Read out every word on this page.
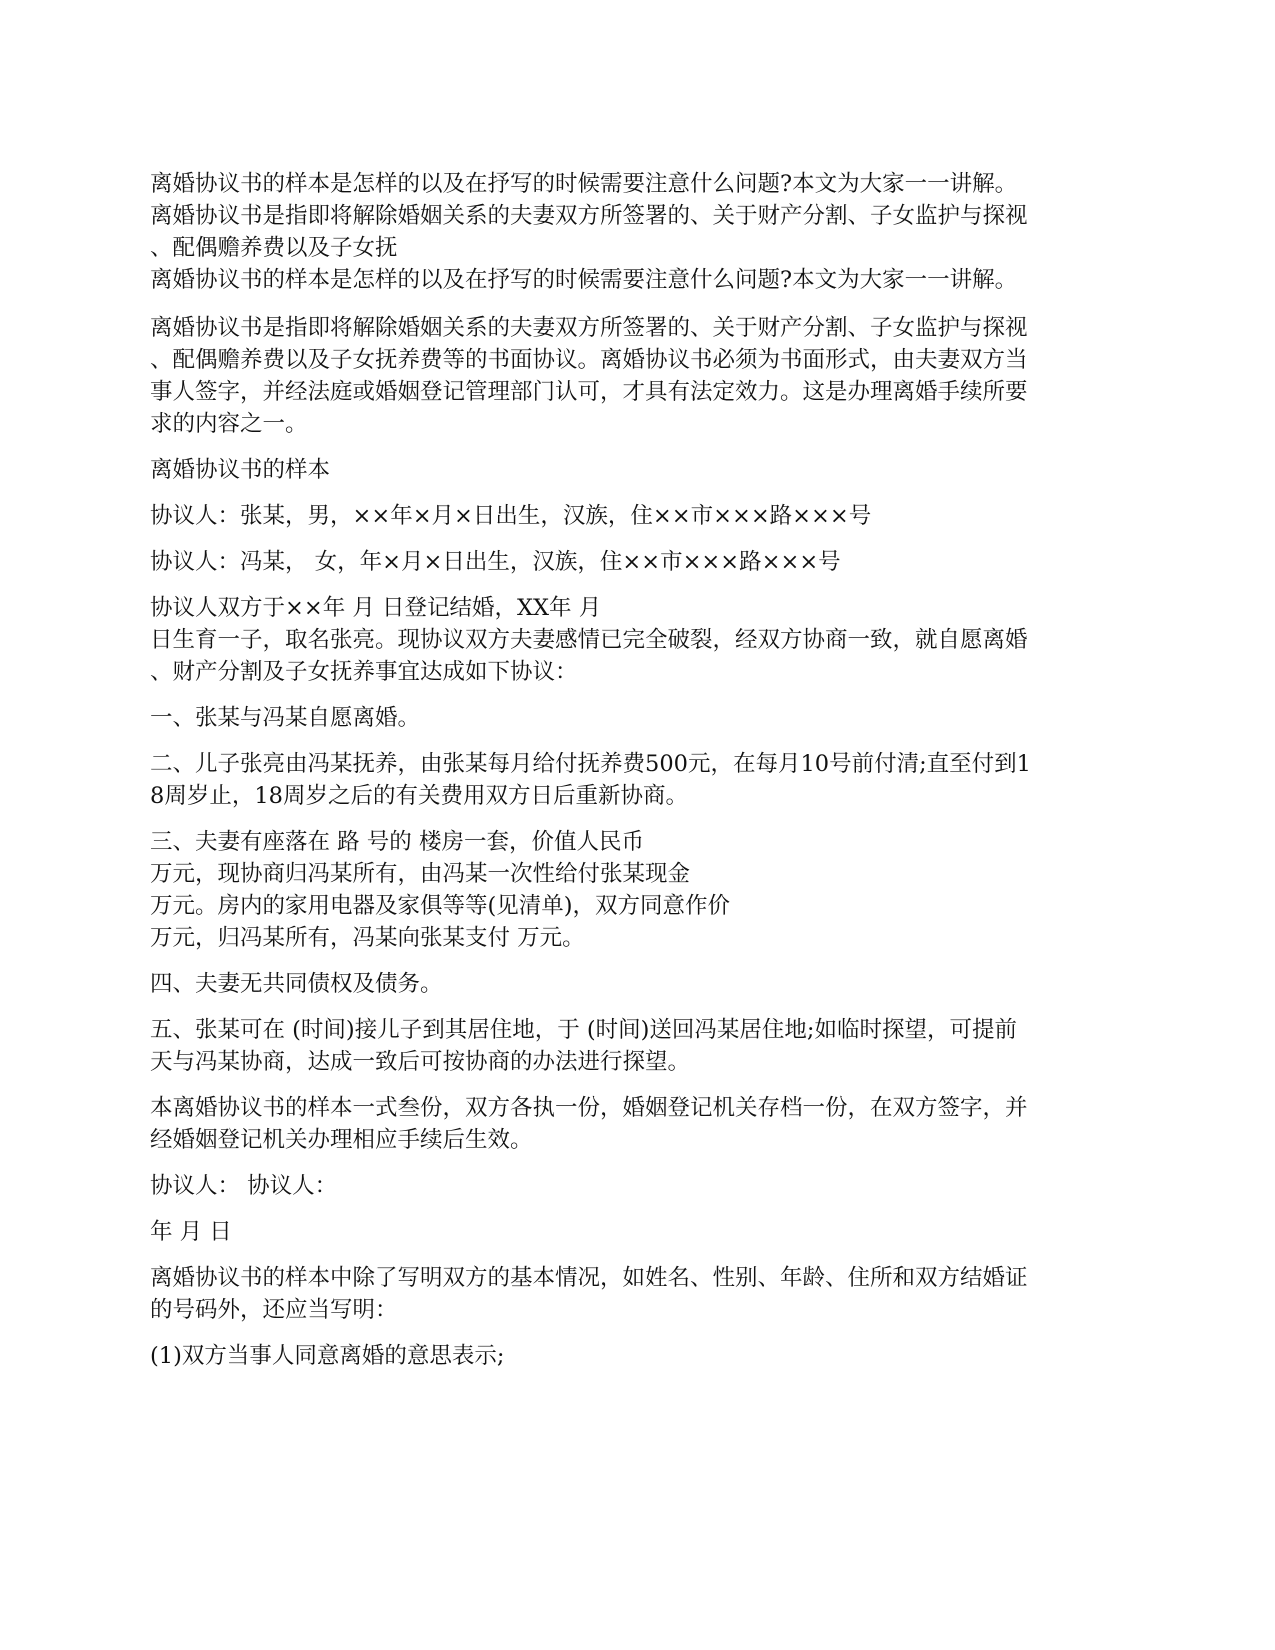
离婚协议书的样本是怎样的以及在抒写的时候需要注意什么问题?本文为大家一一讲解。
离婚协议书是指即将解除婚姻关系的夫妻双方所签署的、关于财产分割、子女监护与探视
、配偶赡养费以及子女抚
离婚协议书的样本是怎样的以及在抒写的时候需要注意什么问题?本文为大家一一讲解。
离婚协议书是指即将解除婚姻关系的夫妻双方所签署的、关于财产分割、子女监护与探视
、配偶赡养费以及子女抚养费等的书面协议。离婚协议书必须为书面形式，由夫妻双方当
事人签字，并经法庭或婚姻登记管理部门认可，才具有法定效力。这是办理离婚手续所要
求的内容之一。
离婚协议书的样本
协议人：张某，男，××年×月×日出生，汉族，住××市×××路×××号
协议人：冯某， 女，年×月×日出生，汉族，住××市×××路×××号
协议人双方于××年 月 日登记结婚，XX年 月
日生育一子，取名张亮。现协议双方夫妻感情已完全破裂，经双方协商一致，就自愿离婚
、财产分割及子女抚养事宜达成如下协议：
一、张某与冯某自愿离婚。
二、儿子张亮由冯某抚养，由张某每月给付抚养费500元，在每月10号前付清;直至付到1
8周岁止，18周岁之后的有关费用双方日后重新协商。
三、夫妻有座落在 路 号的 楼房一套，价值人民币
万元，现协商归冯某所有，由冯某一次性给付张某现金
万元。房内的家用电器及家俱等等(见清单)，双方同意作价
万元，归冯某所有，冯某向张某支付 万元。
四、夫妻无共同债权及债务。
五、张某可在 (时间)接儿子到其居住地，于 (时间)送回冯某居住地;如临时探望，可提前
天与冯某协商，达成一致后可按协商的办法进行探望。
本离婚协议书的样本一式叁份，双方各执一份，婚姻登记机关存档一份，在双方签字，并
经婚姻登记机关办理相应手续后生效。
协议人： 协议人：
年 月 日
离婚协议书的样本中除了写明双方的基本情况，如姓名、性别、年龄、住所和双方结婚证
的号码外，还应当写明：
(1)双方当事人同意离婚的意思表示;
